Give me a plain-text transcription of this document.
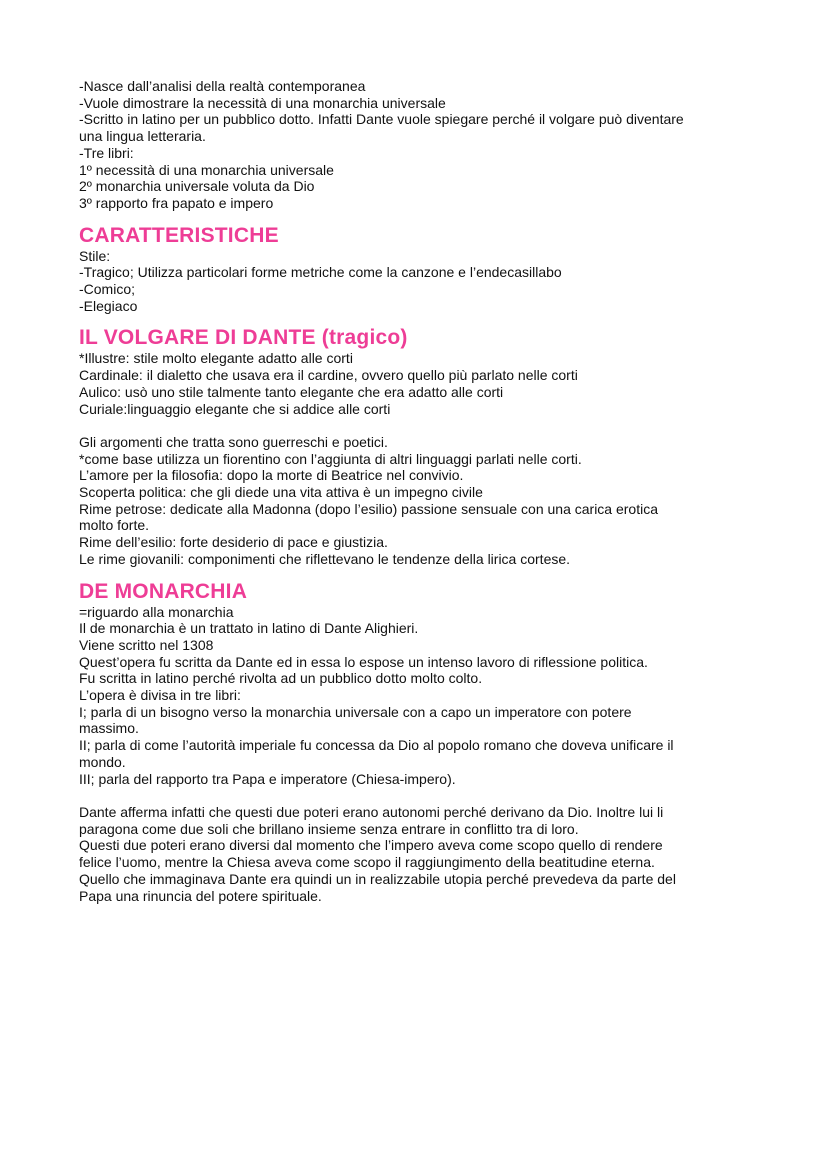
-Nasce dall’analisi della realtà contemporanea
-Vuole dimostrare la necessità di una monarchia universale
-Scritto in latino per un pubblico dotto. Infatti Dante vuole spiegare perché il volgare può diventare
una lingua letteraria.
-Tre libri:
1º necessità di una monarchia universale
2º monarchia universale voluta da Dio
3º rapporto fra papato e impero
CARATTERISTICHE
Stile:
-Tragico; Utilizza particolari forme metriche come la canzone e l’endecasillabo
-Comico;
-Elegiaco
IL VOLGARE DI DANTE (tragico)
*Illustre: stile molto elegante adatto alle corti
Cardinale: il dialetto che usava era il cardine, ovvero quello più parlato nelle corti
Aulico: usò uno stile talmente tanto elegante che era adatto alle corti
Curiale:linguaggio elegante che si addice alle corti
Gli argomenti che tratta sono guerreschi e poetici.
*come base utilizza un fiorentino con l’aggiunta di altri linguaggi parlati nelle corti.
L’amore per la filosofia: dopo la morte di Beatrice nel convivio.
Scoperta politica: che gli diede una vita attiva è un impegno civile
Rime petrose: dedicate alla Madonna (dopo l’esilio) passione sensuale con una carica erotica
molto forte.
Rime dell’esilio: forte desiderio di pace e giustizia.
Le rime giovanili: componimenti che riflettevano le tendenze della lirica cortese.
DE MONARCHIA
=riguardo alla monarchia
Il de monarchia è un trattato in latino di Dante Alighieri.
Viene scritto nel 1308
Quest’opera fu scritta da Dante ed in essa lo espose un intenso lavoro di riflessione politica.
Fu scritta in latino perché rivolta ad un pubblico dotto molto colto.
L’opera è divisa in tre libri:
I; parla di un bisogno verso la monarchia universale con a capo un imperatore con potere
massimo.
II; parla di come l’autorità imperiale fu concessa da Dio al popolo romano che doveva unificare il
mondo.
III; parla del rapporto tra Papa e imperatore (Chiesa-impero).
Dante afferma infatti che questi due poteri erano autonomi perché derivano da Dio. Inoltre lui li
paragona come due soli che brillano insieme senza entrare in conflitto tra di loro.
Questi due poteri erano diversi dal momento che l’impero aveva come scopo quello di rendere
felice l’uomo, mentre la Chiesa aveva come scopo il raggiungimento della beatitudine eterna.
Quello che immaginava Dante era quindi un in realizzabile utopia perché prevedeva da parte del
Papa una rinuncia del potere spirituale.
